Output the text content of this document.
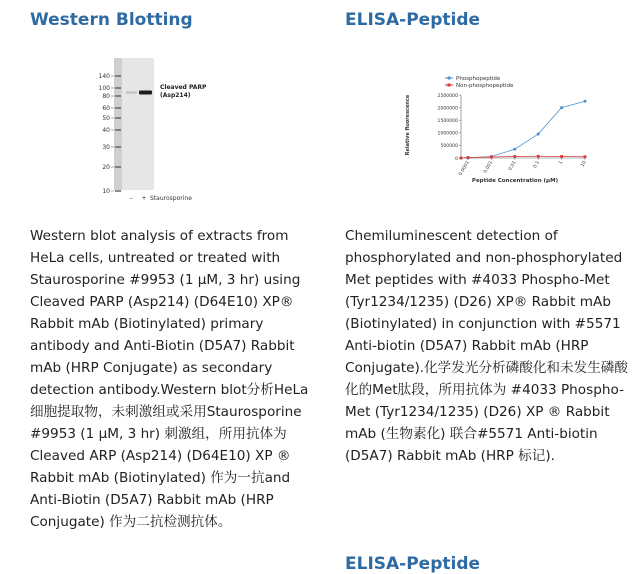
Western Blotting
140
100
80
60
50
40
30
20
10
Cleaved PARP
(Asp214)
– + Staurosporine

Western blot analysis of extracts from HeLa cells, untreated or treated with Staurosporine #9953 (1 μM, 3 hr) using Cleaved PARP (Asp214) (D64E10) XP® Rabbit mAb (Biotinylated) primary antibody and Anti-Biotin (D5A7) Rabbit mAb (HRP Conjugate) as secondary detection antibody.Western blot分析HeLa细胞提取物，未刺激组或采用Staurosporine #9953 (1 μM, 3 hr) 刺激组，所用抗体为 Cleaved ARP (Asp214) (D64E10) XP ® Rabbit mAb (Biotinylated) 作为一抗and Anti-Biotin (D5A7) Rabbit mAb (HRP Conjugate) 作为二抗检测抗体。

ELISA-Peptide
Phosphopeptide
Non-phosphopeptide
Relative fluorescence
0
500000
1000000
1500000
2000000
2500000
0.0001	0.001	0.01	0.1	1	10
Peptide Concentration (μM)

Chemiluminescent detection of phosphorylated and non-phosphorylated Met peptides with #4033 Phospho-Met (Tyr1234/1235) (D26) XP® Rabbit mAb (Biotinylated) in conjunction with #5571 Anti-biotin (D5A7) Rabbit mAb (HRP Conjugate).化学发光分析磷酸化和未发生磷酸化的Met肽段，所用抗体为 #4033 Phospho-Met (Tyr1234/1235) (D26) XP ® Rabbit mAb (生物素化) 联合#5571 Anti-biotin (D5A7) Rabbit mAb (HRP 标记).

ELISA-Peptide
